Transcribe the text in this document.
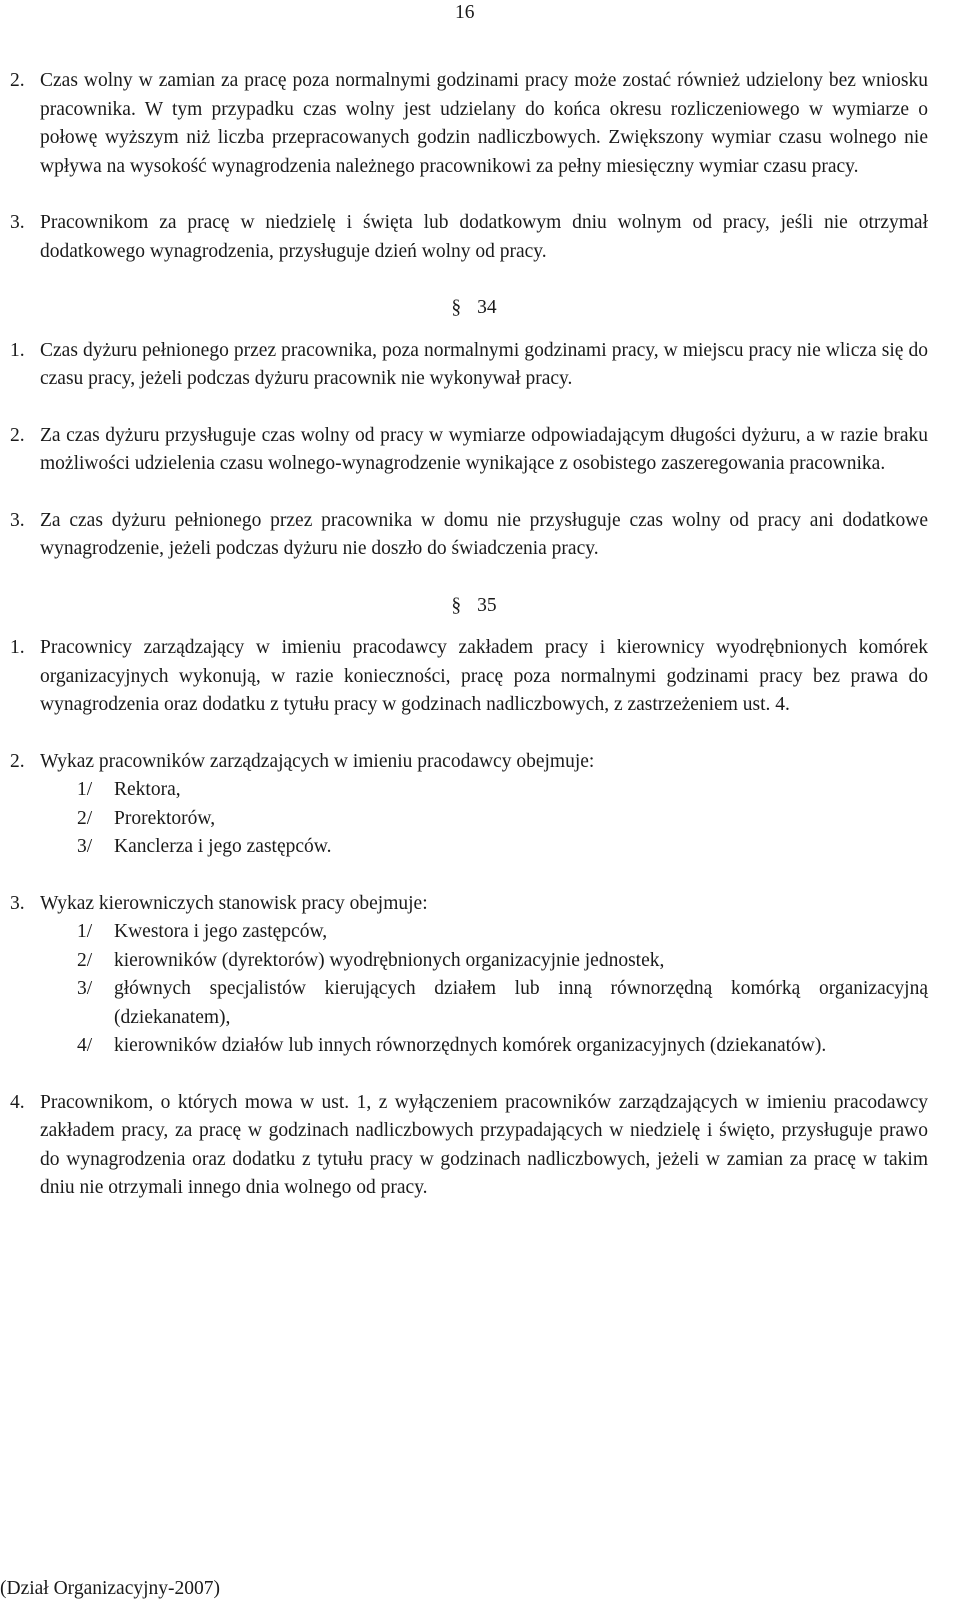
16
2. Czas wolny w zamian za pracę poza normalnymi godzinami pracy może zostać również udzielony bez wniosku pracownika. W tym przypadku czas wolny jest udzielany do końca okresu rozliczeniowego w wymiarze o połowę wyższym niż liczba przepracowanych godzin nadliczbowych. Zwiększony wymiar czasu wolnego nie wpływa na wysokość wynagrodzenia należnego pracownikowi za pełny miesięczny wymiar czasu pracy.
3. Pracownikom za pracę w niedzielę i święta lub dodatkowym dniu wolnym od pracy, jeśli nie otrzymał dodatkowego wynagrodzenia, przysługuje dzień wolny od pracy.
§ 34
1. Czas dyżuru pełnionego przez pracownika, poza normalnymi godzinami pracy, w miejscu pracy nie wlicza się do czasu pracy, jeżeli podczas dyżuru pracownik nie wykonywał pracy.
2. Za czas dyżuru przysługuje czas wolny od pracy w wymiarze odpowiadającym długości dyżuru, a w razie braku możliwości udzielenia czasu wolnego-wynagrodzenie wynikające z osobistego zaszeregowania pracownika.
3. Za czas dyżuru pełnionego przez pracownika w domu nie przysługuje czas wolny od pracy ani dodatkowe wynagrodzenie, jeżeli podczas dyżuru nie doszło do świadczenia pracy.
§ 35
1. Pracownicy zarządzający w imieniu pracodawcy zakładem pracy i kierownicy wyodrębnionych komórek organizacyjnych wykonują, w razie konieczności, pracę poza normalnymi godzinami pracy bez prawa do wynagrodzenia oraz dodatku z tytułu pracy w godzinach nadliczbowych, z zastrzeżeniem ust. 4.
2. Wykaz pracowników zarządzających w imieniu pracodawcy obejmuje:
1/ Rektora,
2/ Prorektorów,
3/ Kanclerza i jego zastępców.
3. Wykaz kierowniczych stanowisk pracy obejmuje:
1/ Kwestora i jego zastępców,
2/ kierowników (dyrektorów) wyodrębnionych organizacyjnie jednostek,
3/ głównych specjalistów kierujących działem lub inną równorzędną komórką organizacyjną (dziekanatem),
4/ kierowników działów lub innych równorzędnych komórek organizacyjnych (dziekanatów).
4. Pracownikom, o których mowa w ust. 1, z wyłączeniem pracowników zarządzających w imieniu pracodawcy zakładem pracy, za pracę w godzinach nadliczbowych przypadających w niedzielę i święto, przysługuje prawo do wynagrodzenia oraz dodatku z tytułu pracy w godzinach nadliczbowych, jeżeli w zamian za pracę w takim dniu nie otrzymali innego dnia wolnego od pracy.
(Dział Organizacyjny-2007)
